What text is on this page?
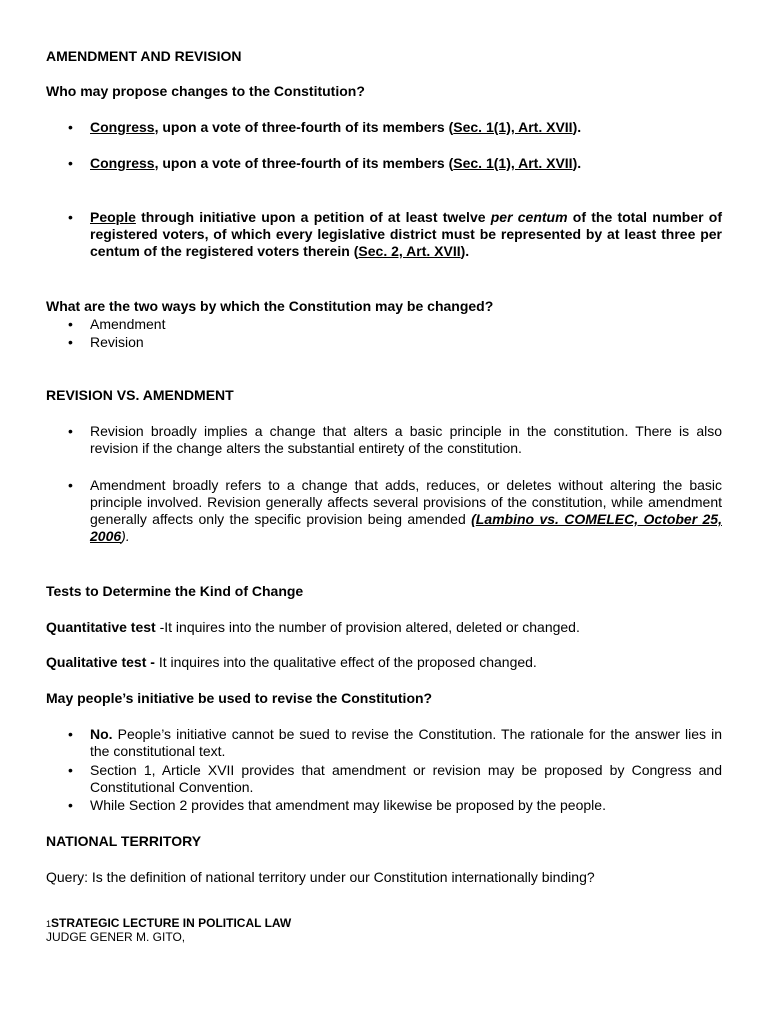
AMENDMENT AND REVISION
Who may propose changes to the Constitution?
•
Congress, upon a vote of three-fourth of its members (Sec. 1(1), Art. XVII).
•
Congress, upon a vote of three-fourth of its members (Sec. 1(1), Art. XVII).
•
People through initiative upon a petition of at least twelve per centum of the total number of registered voters, of which every legislative district must be represented by at least three per centum of the registered voters therein (Sec. 2, Art. XVII).
What are the two ways by which the Constitution may be changed?
•
Amendment
•
Revision
REVISION VS. AMENDMENT
•
Revision broadly implies a change that alters a basic principle in the constitution. There is also revision if the change alters the substantial entirety of the constitution.
•
Amendment broadly refers to a change that adds, reduces, or deletes without altering the basic principle involved. Revision generally affects several provisions of the constitution, while amendment generally affects only the specific provision being amended (Lambino vs. COMELEC, October 25, 2006).
Tests to Determine the Kind of Change
Quantitative test -It inquires into the number of provision altered, deleted or changed.
Qualitative test - It inquires into the qualitative effect of the proposed changed.
May people’s initiative be used to revise the Constitution?
•
No. People’s initiative cannot be sued to revise the Constitution. The rationale for the answer lies in the constitutional text.
•
Section 1, Article XVII provides that amendment or revision may be proposed by Congress and Constitutional Convention.
•
While Section 2 provides that amendment may likewise be proposed by the people.
NATIONAL TERRITORY
Query: Is the definition of national territory under our Constitution internationally binding?
1STRATEGIC LECTURE IN POLITICAL LAW
JUDGE GENER M. GITO,
